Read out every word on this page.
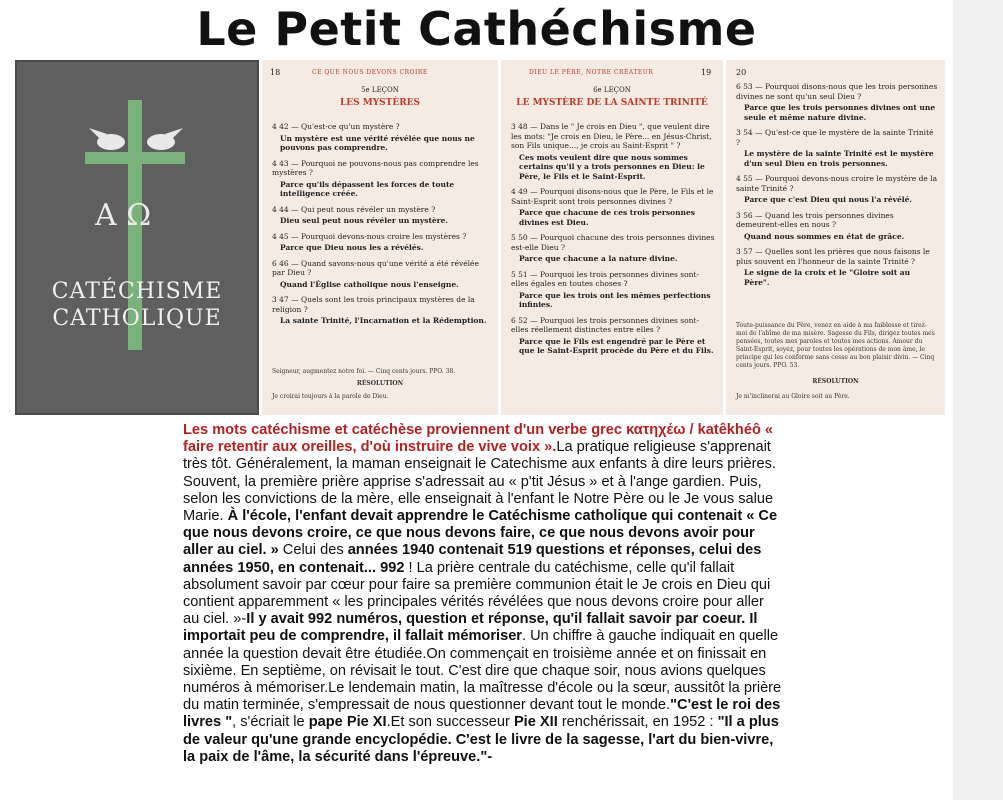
Le Petit Cathéchisme
Α Ω
CATÉCHISME
CATHOLIQUE
18	CE QUE NOUS DEVONS CROIRE
5e LEÇON
LES MYSTÈRES
4 42 — Qu'est-ce qu'un mystère ?
Un mystère est une vérité révélée que nous ne pouvons pas comprendre.
4 43 — Pourquoi ne pouvons-nous pas comprendre les mystères ?
Parce qu'ils dépassent les forces de toute intelligence créée.
4 44 — Qui peut nous révéler un mystère ?
Dieu seul peut nous révéler un mystère.
4 45 — Pourquoi devons-nous croire les mystères ?
Parce que Dieu nous les a révélés.
6 46 — Quand savons-nous qu'une vérité a été révélée par Dieu ?
Quand l'Église catholique nous l'enseigne.
3 47 — Quels sont les trois principaux mystères de la religion ?
La sainte Trinité, l'Incarnation et la Rédemption.
Seigneur, augmentez notre foi. — Cinq cents jours. PPO. 38.
RÉSOLUTION
Je croirai toujours à la parole de Dieu.
DIEU LE PÈRE, NOTRE CRÉATEUR	19
6e LEÇON
LE MYSTÈRE DE LA SAINTE TRINITÉ
3 48 — Dans le " Je crois en Dieu ", que veulent dire les mots: "Je crois en Dieu, le Père... en Jésus-Christ, son Fils unique..., je crois au Saint-Esprit " ?
Ces mots veulent dire que nous sommes certains qu'il y a trois personnes en Dieu: le Père, le Fils et le Saint-Esprit.
4 49 — Pourquoi disons-nous que le Père, le Fils et le Saint-Esprit sont trois personnes divines ?
Parce que chacune de ces trois personnes divines est Dieu.
5 50 — Pourquoi chacune des trois personnes divines est-elle Dieu ?
Parce que chacune a la nature divine.
5 51 — Pourquoi les trois personnes divines sont-elles égales en toutes choses ?
Parce que les trois ont les mêmes perfections infinies.
6 52 — Pourquoi les trois personnes divines sont-elles réellement distinctes entre elles ?
Parce que le Fils est engendré par le Père et que le Saint-Esprit procède du Père et du Fils.
20
6 53 — Pourquoi disons-nous que les trois personnes divines ne sont qu'un seul Dieu ?
Parce que les trois personnes divines ont une seule et même nature divine.
3 54 — Qu'est-ce que le mystère de la sainte Trinité ?
Le mystère de la sainte Trinité est le mystère d'un seul Dieu en trois personnes.
4 55 — Pourquoi devons-nous croire le mystère de la sainte Trinité ?
Parce que c'est Dieu qui nous l'a révélé.
3 56 — Quand les trois personnes divines demeurent-elles en nous ?
Quand nous sommes en état de grâce.
3 57 — Quelles sont les prières que nous faisons le plus souvent en l'honneur de la sainte Trinité ?
Le signe de la croix et le "Gloire soit au Père".
Toute-puissance du Père, venez en aide à ma faiblesse et tirez-moi de l'abîme de ma misère. Sagesse du Fils, dirigez toutes mes pensées, toutes mes paroles et toutes mes actions. Amour du Saint-Esprit, soyez, pour toutes les opérations de mon âme, le principe qui les conforme sans cesse au bon plaisir divin. — Cinq cents jours. PPO. 53.
RÉSOLUTION
Je m'inclinerai au Gloire soit au Père.
Les mots catéchisme et catéchèse proviennent d'un verbe grec κατηχέω / katêkhéô « faire retentir aux oreilles, d'où instruire de vive voix ».La pratique religieuse s'apprenait très tôt. Généralement, la maman enseignait le Catechisme aux enfants à dire leurs prières. Souvent, la première prière apprise s'adressait au « p'tit Jésus » et à l'ange gardien. Puis, selon les convictions de la mère, elle enseignait à l'enfant le Notre Père ou le Je vous salue Marie. À l'école, l'enfant devait apprendre le Catéchisme catholique qui contenait « Ce que nous devons croire, ce que nous devons faire, ce que nous devons avoir pour aller au ciel. » Celui des années 1940 contenait 519 questions et réponses, celui des années 1950, en contenait... 992 ! La prière centrale du catéchisme, celle qu'il fallait absolument savoir par cœur pour faire sa première communion était le Je crois en Dieu qui contient apparemment « les principales vérités révélées que nous devons croire pour aller au ciel. »-Il y avait 992 numéros, question et réponse, qu'il fallait savoir par coeur. Il importait peu de comprendre, il fallait mémoriser. Un chiffre à gauche indiquait en quelle année la question devait être étudiée.On commençait en troisième année et on finissait en sixième. En septième, on révisait le tout. C'est dire que chaque soir, nous avions quelques numéros à mémoriser.Le lendemain matin, la maîtresse d'école ou la sœur, aussitôt la prière du matin terminée, s'empressait de nous questionner devant tout le monde."C'est le roi des livres ", s'écriait le pape Pie XI.Et son successeur Pie XII renchérissait, en 1952 : "Il a plus de valeur qu'une grande encyclopédie. C'est le livre de la sagesse, l'art du bien-vivre, la paix de l'âme, la sécurité dans l'épreuve."-
